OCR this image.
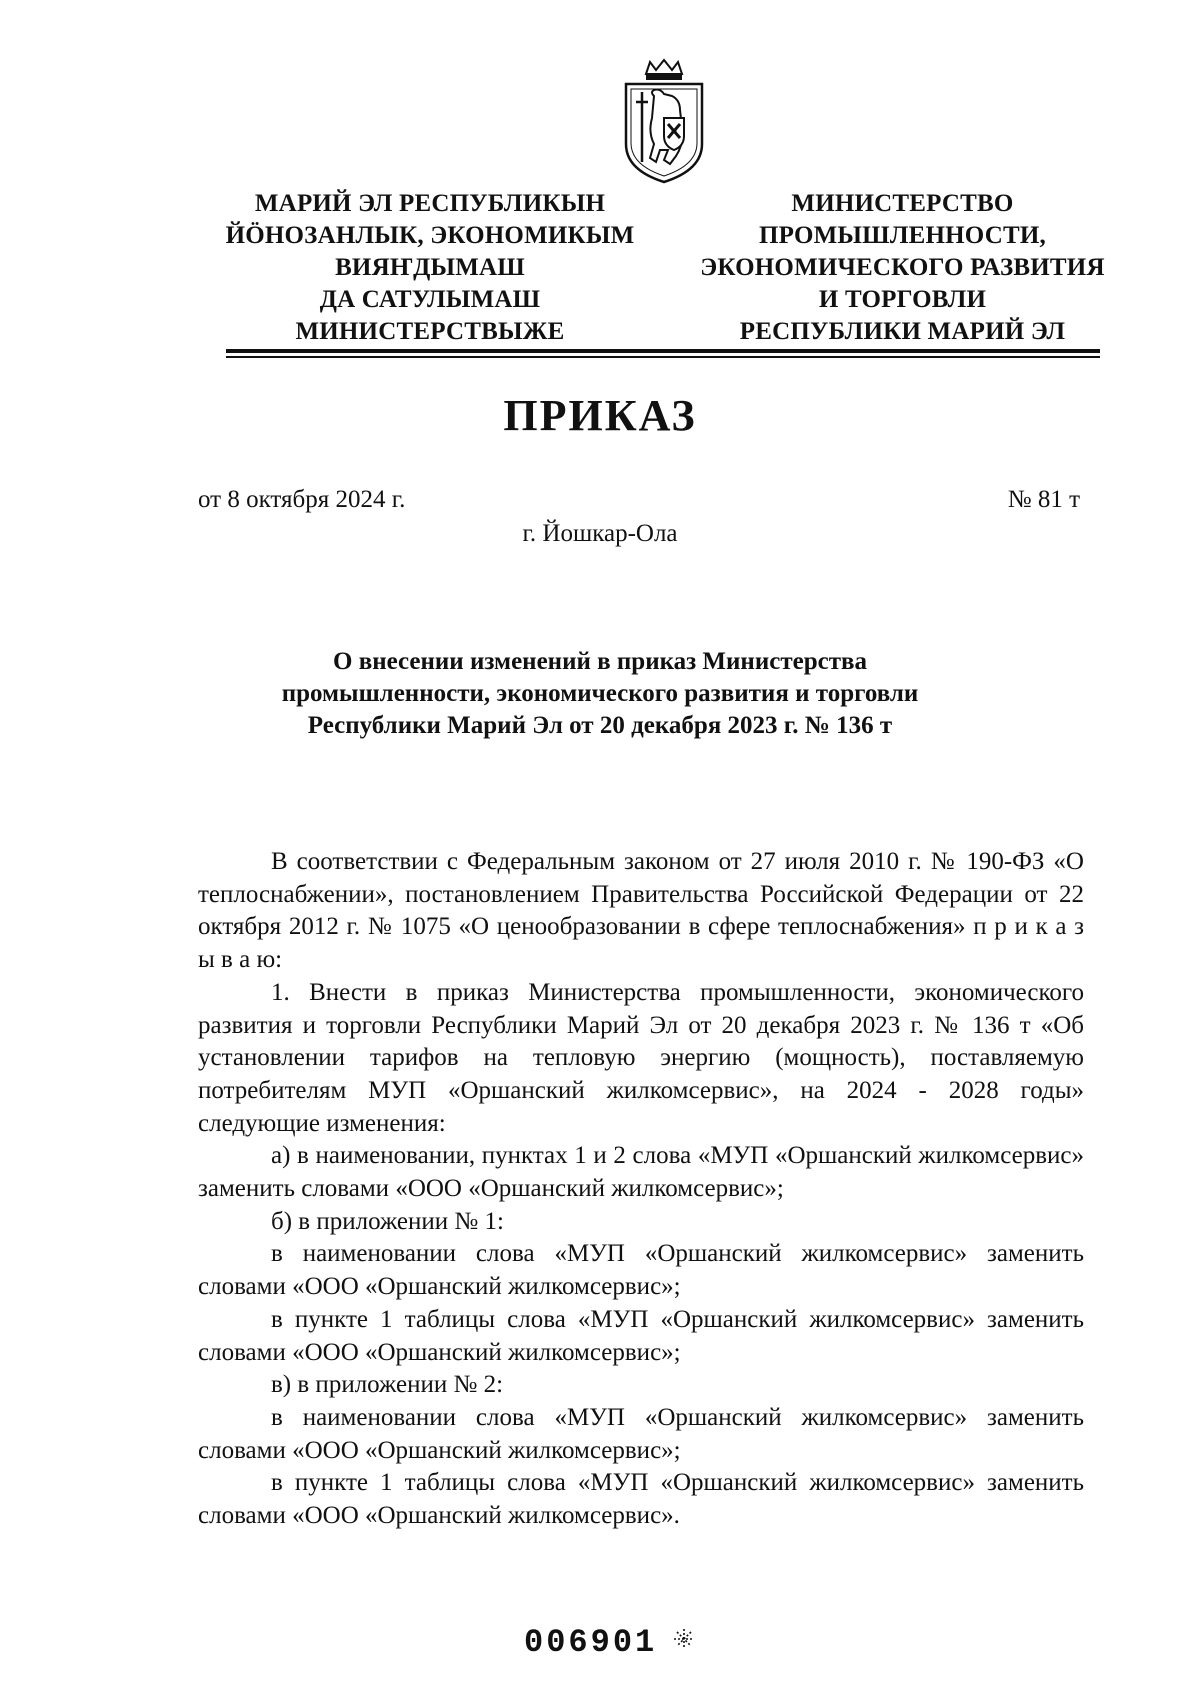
МАРИЙ ЭЛ РЕСПУБЛИКЫН
ЙӦНОЗАНЛЫК, ЭКОНОМИКЫМ
ВИЯҤДЫМАШ
ДА САТУЛЫМАШ
МИНИСТЕРСТВЫЖЕ
МИНИСТЕРСТВО
ПРОМЫШЛЕННОСТИ,
ЭКОНОМИЧЕСКОГО РАЗВИТИЯ
И ТОРГОВЛИ
РЕСПУБЛИКИ МАРИЙ ЭЛ
ПРИКАЗ
от 8 октября 2024 г.	№ 81 т
г. Йошкар-Ола
О внесении изменений в приказ Министерства
промышленности, экономического развития и торговли
Республики Марий Эл от 20 декабря 2023 г. № 136 т

В соответствии с Федеральным законом от 27 июля 2010 г. № 190-ФЗ «О теплоснабжении», постановлением Правительства Российской Федерации от 22 октября 2012 г. № 1075 «О ценообразовании в сфере теплоснабжения» п р и к а з ы в а ю:

1. Внести в приказ Министерства промышленности, экономического развития и торговли Республики Марий Эл от 20 декабря 2023 г. № 136 т «Об установлении тарифов на тепловую энергию (мощность), поставляемую потребителям МУП «Оршанский жилкомсервис», на 2024 - 2028 годы» следующие изменения:

а) в наименовании, пунктах 1 и 2 слова «МУП «Оршанский жилкомсервис» заменить словами «ООО «Оршанский жилкомсервис»;

б) в приложении № 1:

в наименовании слова «МУП «Оршанский жилкомсервис» заменить словами «ООО «Оршанский жилкомсервис»;

в пункте 1 таблицы слова «МУП «Оршанский жилкомсервис» заменить словами «ООО «Оршанский жилкомсервис»;

в) в приложении № 2:

в наименовании слова «МУП «Оршанский жилкомсервис» заменить словами «ООО «Оршанский жилкомсервис»;

в пункте 1 таблицы слова «МУП «Оршанский жилкомсервис» заменить словами «ООО «Оршанский жилкомсервис».

006901
